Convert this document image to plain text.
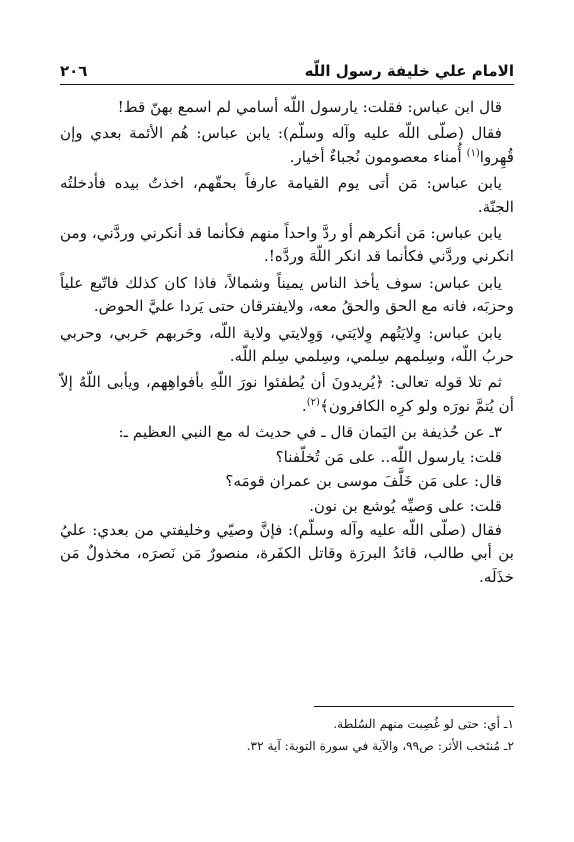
الامام علي خليفة رسول اللّه
٢٠٦

قال ابن عباس: فقلت: يارسول اللّه أسامي لم اسمع بهنّ قط!

فقال (صلّى اللّه عليه وآله وسلّم): يابن عباس: هُم الأئمة بعدي وإن قُهِروا$^{(١)}$ أُمناء معصومون نُجباءٌ أخيار.

يابن عباس: مَن أتى يوم القيامة عارفاً بحقّهم، اخذتُ بيده فأدخلتُه الجنّة.

يابن عباس: مَن أنكرهم أو ردَّ واحداً منهم فكأنما قد أنكرني وردَّني، ومن انكرني وردَّني فكأنما قد انكر اللّهَ وردَّه!.

يابن عباس: سوف يأخذ الناس يميناً وشمالاً، فاذا كان كذلك فاتّبع علياً وحزبَه، فانه مع الحق والحقُ معه، ولايفترقان حتى يَردا عليَّ الحوض.

يابن عباس: وِلايَتُهم وِلايَتي، وَوِلايتي ولاية اللّه، وحَربهم حَربي، وحربي حربُ اللّه، وسِلمهم سِلمي، وسِلمي سِلم اللّه.

ثم تلا قوله تعالى: ﴿يُريدونَ أن يُطفئوا نورَ اللّهِ بأفواهِهم، ويأبى اللّهُ إلاّ أن يُتمَّ نورَه ولو كرِه الكافرون﴾$^{(٢)}$.

٣ـ عن حُذيفة بن اليَمان قال ـ في حديث له مع النبي العظيم ـ:

قلت: يارسول اللّه.. على مَن تُخلّفنا؟

قال: على مَن خَلَّفَ موسى بن عمران قومَه؟

قلت: على وَصيِّه يُوشع بن نون.

فقال (صلّى اللّه عليه وآله وسلّم): فإنَّ وصيّي وخليفتي من بعدي: عليُ بن أبي طالب، قائدُ البررَة وقاتل الكفَرة، منصورٌ مَن نَصرَه، مخذولٌ مَن خذَلَه.

١ـ أي: حتى لو غُصِبت منهم السُلطة.

٢ـ مُنتَخب الأثر: ص٩٩، والآية في سورة التوبة: آية ٣٢.
